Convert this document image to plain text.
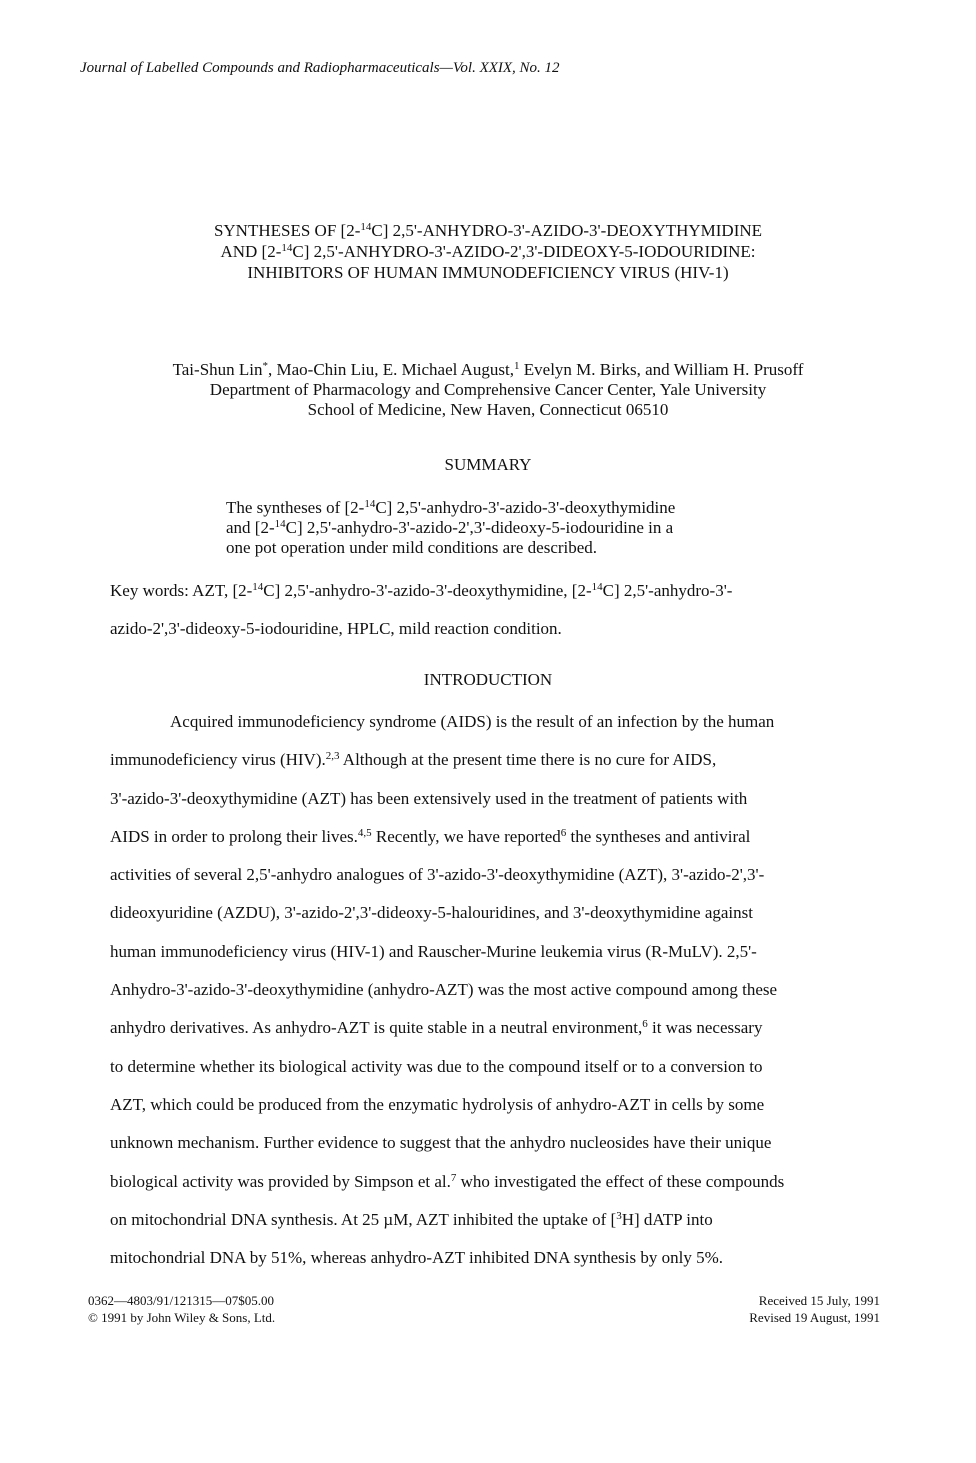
Journal of Labelled Compounds and Radiopharmaceuticals—Vol. XXIX, No. 12
SYNTHESES OF [2-$^{14}$C] 2,5'-ANHYDRO-3'-AZIDO-3'-DEOXYTHYMIDINE
AND [2-$^{14}$C] 2,5'-ANHYDRO-3'-AZIDO-2',3'-DIDEOXY-5-IODOURIDINE:
INHIBITORS OF HUMAN IMMUNODEFICIENCY VIRUS (HIV-1)
Tai-Shun Lin*, Mao-Chin Liu, E. Michael August,$^1$ Evelyn M. Birks, and William H. Prusoff
Department of Pharmacology and Comprehensive Cancer Center, Yale University
School of Medicine, New Haven, Connecticut 06510
SUMMARY
The syntheses of [2-$^{14}$C] 2,5'-anhydro-3'-azido-3'-deoxythymidine
and [2-$^{14}$C] 2,5'-anhydro-3'-azido-2',3'-dideoxy-5-iodouridine in a
one pot operation under mild conditions are described.
Key words: AZT, [2-$^{14}$C] 2,5'-anhydro-3'-azido-3'-deoxythymidine, [2-$^{14}$C] 2,5'-anhydro-3'-
azido-2',3'-dideoxy-5-iodouridine, HPLC, mild reaction condition.
INTRODUCTION
Acquired immunodeficiency syndrome (AIDS) is the result of an infection by the human
immunodeficiency virus (HIV).$^{2,3}$ Although at the present time there is no cure for AIDS,
3'-azido-3'-deoxythymidine (AZT) has been extensively used in the treatment of patients with
AIDS in order to prolong their lives.$^{4,5}$ Recently, we have reported$^6$ the syntheses and antiviral
activities of several 2,5'-anhydro analogues of 3'-azido-3'-deoxythymidine (AZT), 3'-azido-2',3'-
dideoxyuridine (AZDU), 3'-azido-2',3'-dideoxy-5-halouridines, and 3'-deoxythymidine against
human immunodeficiency virus (HIV-1) and Rauscher-Murine leukemia virus (R-MuLV). 2,5'-
Anhydro-3'-azido-3'-deoxythymidine (anhydro-AZT) was the most active compound among these
anhydro derivatives. As anhydro-AZT is quite stable in a neutral environment,$^6$ it was necessary
to determine whether its biological activity was due to the compound itself or to a conversion to
AZT, which could be produced from the enzymatic hydrolysis of anhydro-AZT in cells by some
unknown mechanism. Further evidence to suggest that the anhydro nucleosides have their unique
biological activity was provided by Simpson et al.$^7$ who investigated the effect of these compounds
on mitochondrial DNA synthesis. At 25 µM, AZT inhibited the uptake of [$^3$H] dATP into
mitochondrial DNA by 51%, whereas anhydro-AZT inhibited DNA synthesis by only 5%.
0362—4803/91/121315—07$05.00
© 1991 by John Wiley & Sons, Ltd.
Received 15 July, 1991
Revised 19 August, 1991
